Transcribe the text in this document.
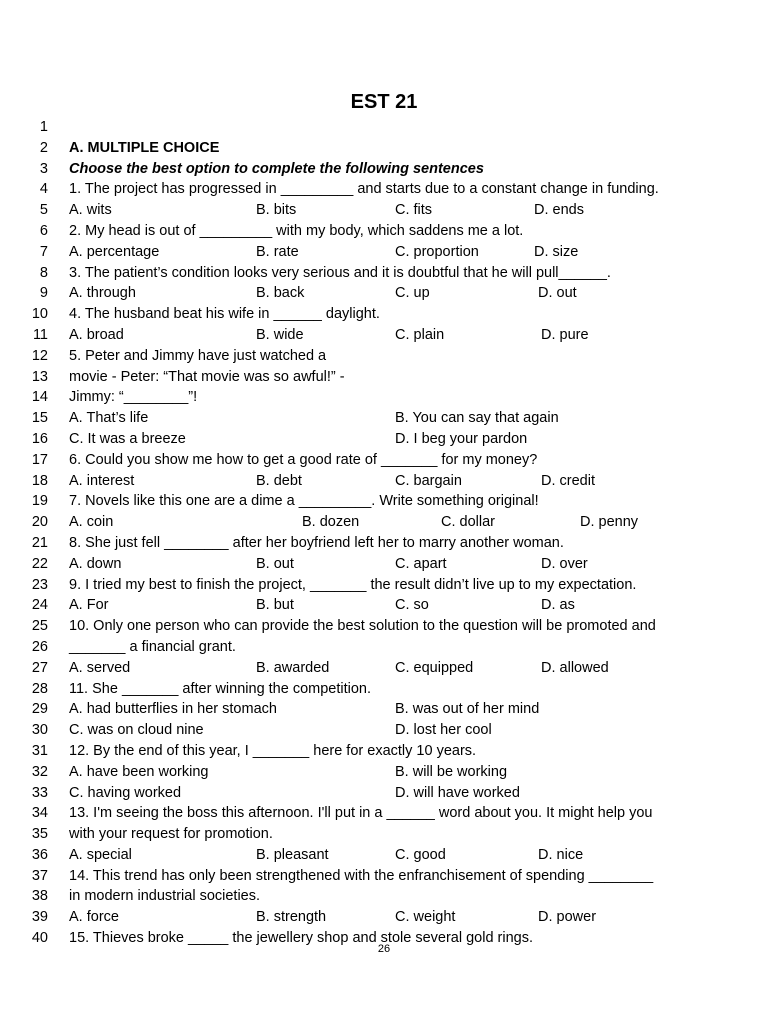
EST 21
1
2 A. MULTIPLE CHOICE
3 Choose the best option to complete the following sentences
4 1. The project has progressed in _________ and starts due to a constant change in funding.
5 A. wits	B. bits	C. fits	D. ends
6 2. My head is out of _________ with my body, which saddens me a lot.
7 A. percentage	B. rate	C. proportion	D. size
8 3. The patient’s condition looks very serious and it is doubtful that he will pull______.
9 A. through	B. back	C. up	D. out
10 4. The husband beat his wife in ______ daylight.
11 A. broad	B. wide	C. plain	D. pure
12 5. Peter and Jimmy have just watched a
13 movie - Peter: “That movie was so awful!” -
14 Jimmy: “________”!
15 A. That’s life	B. You can say that again
16 C. It was a breeze	D. I beg your pardon
17 6. Could you show me how to get a good rate of _______ for my money?
18 A. interest	B. debt	C. bargain	D. credit
19 7. Novels like this one are a dime a _________. Write something original!
20 A. coin	B. dozen	C. dollar	D. penny
21 8. She just fell ________ after her boyfriend left her to marry another woman.
22 A. down	B. out	C. apart	D. over
23 9. I tried my best to finish the project, _______ the result didn’t live up to my expectation.
24 A. For	B. but	C. so	D. as
25 10. Only one person who can provide the best solution to the question will be promoted and
26 _______ a financial grant.
27 A. served	B. awarded	C. equipped	D. allowed
28 11. She _______ after winning the competition.
29 A. had butterflies in her stomach	B. was out of her mind
30 C. was on cloud nine	D. lost her cool
31 12. By the end of this year, I _______ here for exactly 10 years.
32 A. have been working	B. will be working
33 C. having worked	D. will have worked
34 13. I'm seeing the boss this afternoon. I'll put in a ______ word about you. It might help you
35 with your request for promotion.
36 A. special	B. pleasant	C. good	D. nice
37 14. This trend has only been strengthened with the enfranchisement of spending ________
38 in modern industrial societies.
39 A. force	B. strength	C. weight	D. power
40 15. Thieves broke _____ the jewellery shop and stole several gold rings.
26
